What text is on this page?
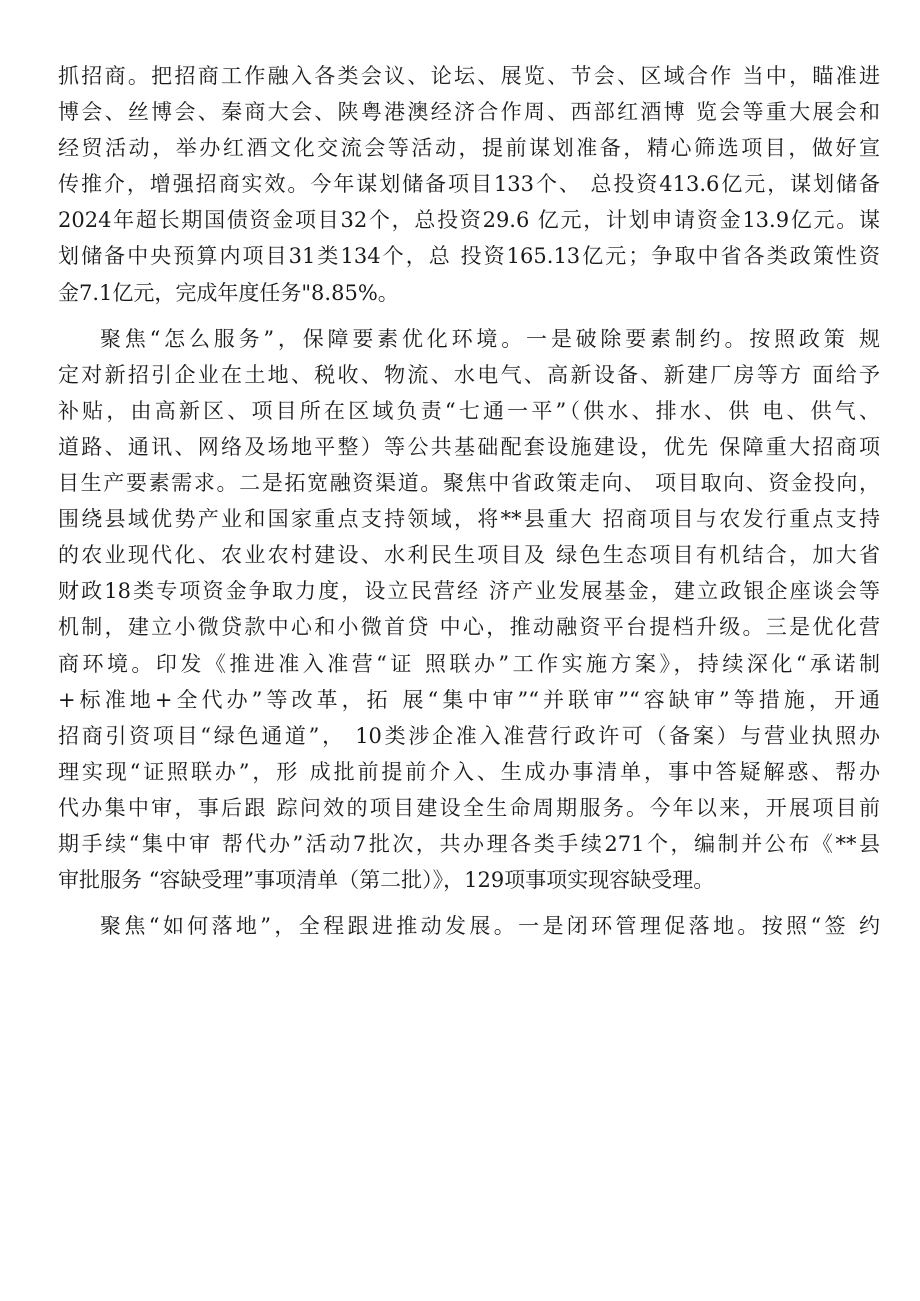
抓招商。把招商工作融入各类会议、论坛、展览、节会、区域合作 当中，瞄准进
博会、丝博会、秦商大会、陕粤港澳经济合作周、西部红酒博 览会等重大展会和
经贸活动，举办红酒文化交流会等活动，提前谋划准备，精心筛选项目，做好宣
传推介，增强招商实效。今年谋划储备项目133个、 总投资413.6亿元，谋划储备
2024年超长期国债资金项目32个，总投资29.6 亿元，计划申请资金13.9亿元。谋
划储备中央预算内项目31类134个，总 投资165.13亿元；争取中省各类政策性资
金7.1亿元，完成年度任务"8.85%。
聚焦“怎么服务”，保障要素优化环境。一是破除要素制约。按照政策 规
定对新招引企业在土地、税收、物流、水电气、高新设备、新建厂房等方 面给予
补贴，由高新区、项目所在区域负责“七通一平”（供水、排水、供 电、供气、
道路、通讯、网络及场地平整）等公共基础配套设施建设，优先 保障重大招商项
目生产要素需求。二是拓宽融资渠道。聚焦中省政策走向、 项目取向、资金投向，
围绕县域优势产业和国家重点支持领域，将**县重大 招商项目与农发行重点支持
的农业现代化、农业农村建设、水利民生项目及 绿色生态项目有机结合，加大省
财政18类专项资金争取力度，设立民营经 济产业发展基金，建立政银企座谈会等
机制，建立小微贷款中心和小微首贷 中心，推动融资平台提档升级。三是优化营
商环境。印发《推进准入准营“证 照联办”工作实施方案》，持续深化“承诺制
+标准地+全代办”等改革，拓 展“集中审”“并联审”“容缺审”等措施，开通
招商引资项目“绿色通道”， 10类涉企准入准营行政许可（备案）与营业执照办
理实现“证照联办”，形 成批前提前介入、生成办事清单，事中答疑解惑、帮办
代办集中审，事后跟 踪问效的项目建设全生命周期服务。今年以来，开展项目前
期手续“集中审 帮代办”活动7批次，共办理各类手续271个，编制并公布《**县
审批服务 “容缺受理”事项清单（第二批）》，129项事项实现容缺受理。
聚焦“如何落地”，全程跟进推动发展。一是闭环管理促落地。按照“签 约
